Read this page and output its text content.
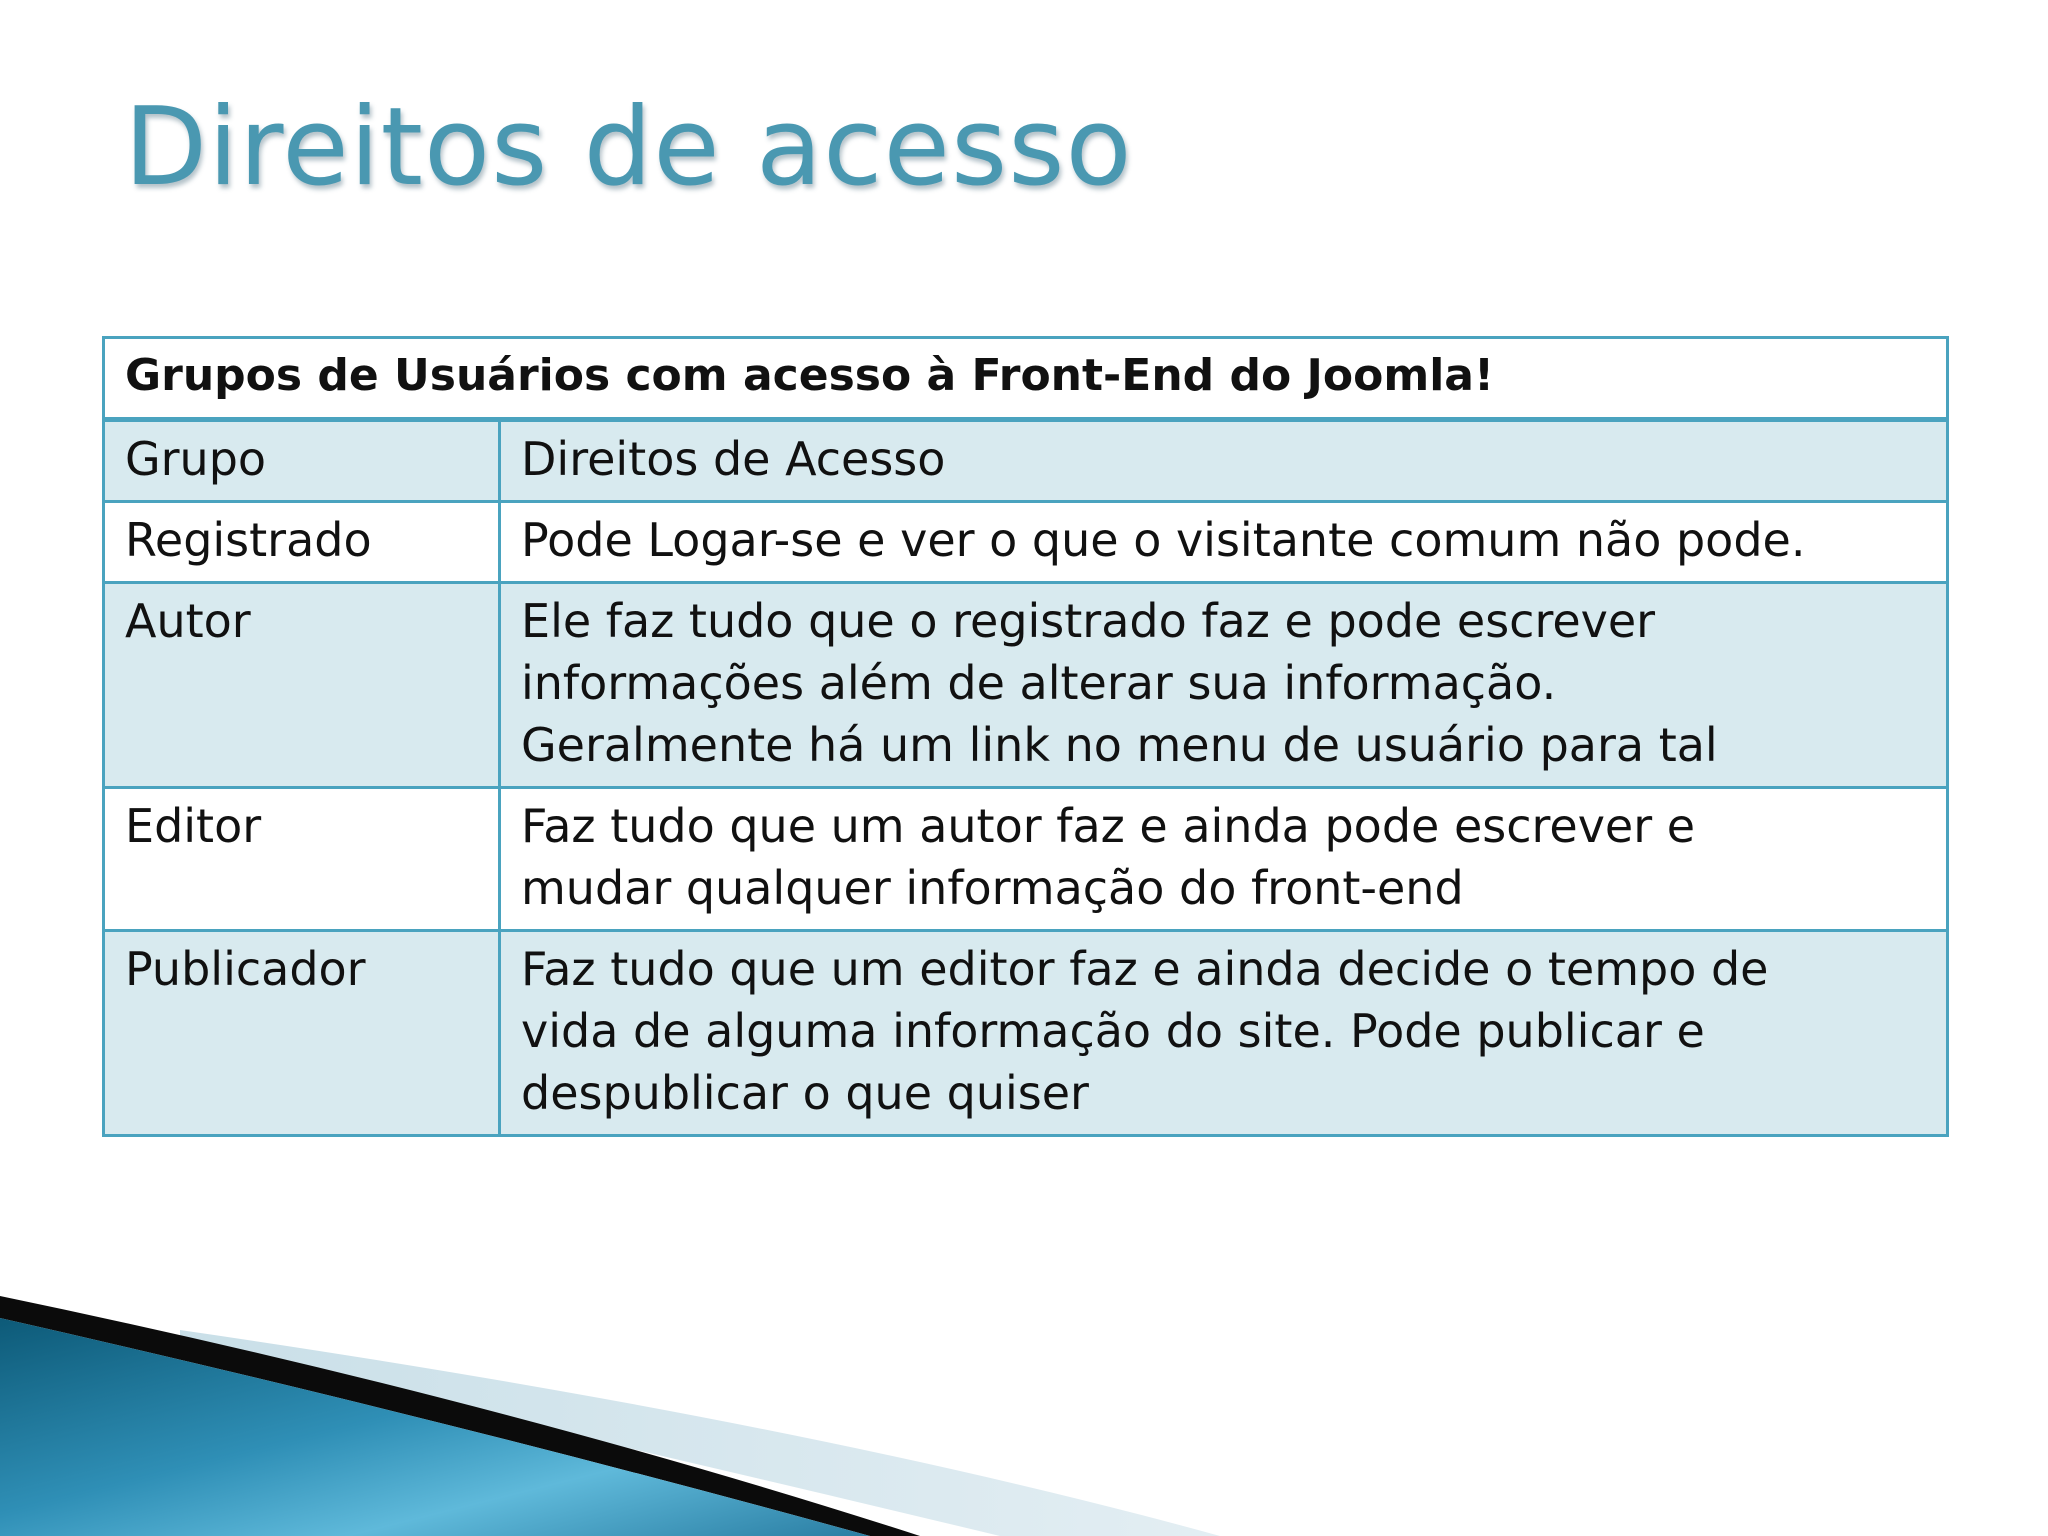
Direitos de acesso
Grupos de Usuários com acesso à Front-End do Joomla!	
Grupo	Direitos de Acesso
Registrado	Pode Logar-se e ver o que o visitante comum não pode.
Autor	Ele faz tudo que o registrado faz e pode escrever
informações além de alterar sua informação.
Geralmente há um link no menu de usuário para tal
Editor	Faz tudo que um autor faz e ainda pode escrever e
mudar qualquer informação do front-end
Publicador	Faz tudo que um editor faz e ainda decide o tempo de
vida de alguma informação do site. Pode publicar e
despublicar o que quiser
